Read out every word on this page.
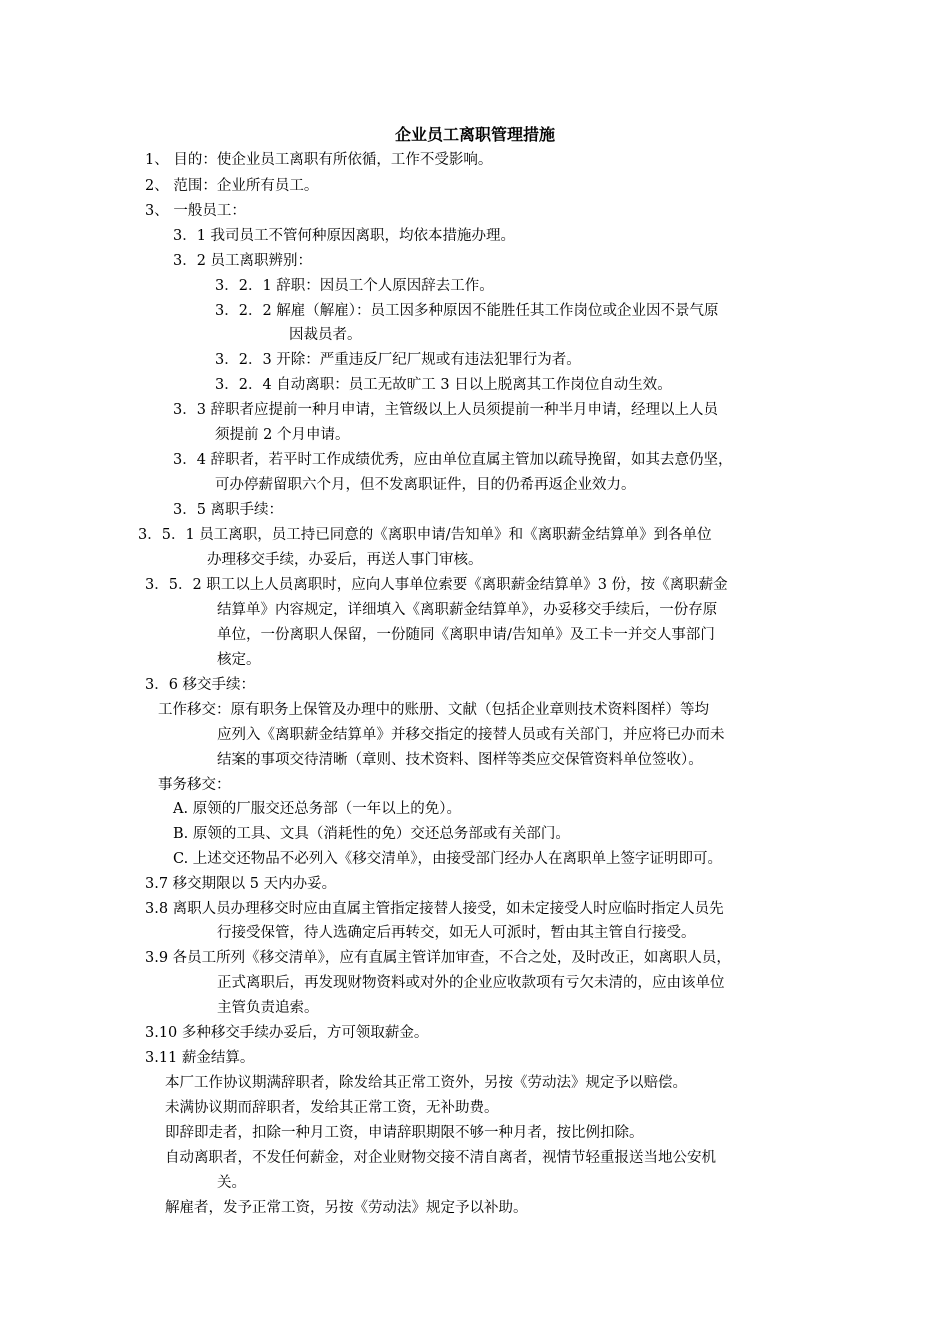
企业员工离职管理措施

1、 目的：使企业员工离职有所依循，工作不受影响。

2、 范围：企业所有员工。

3、 一般员工：

3．1 我司员工不管何种原因离职，均依本措施办理。

3．2 员工离职辨别：

3．2．1 辞职：因员工个人原因辞去工作。

3．2．2 解雇（解雇）：员工因多种原因不能胜任其工作岗位或企业因不景气原

因裁员者。

3．2．3 开除：严重违反厂纪厂规或有违法犯罪行为者。

3．2．4 自动离职：员工无故旷工 3 日以上脱离其工作岗位自动生效。

3．3 辞职者应提前一种月申请，主管级以上人员须提前一种半月申请，经理以上人员

须提前 2 个月申请。

3．4 辞职者，若平时工作成绩优秀，应由单位直属主管加以疏导挽留，如其去意仍坚，

可办停薪留职六个月，但不发离职证件，目的仍希再返企业效力。

3．5 离职手续：

3．5．1 员工离职，员工持已同意的《离职申请/告知单》和《离职薪金结算单》到各单位

办理移交手续，办妥后，再送人事门审核。

3．5．2 职工以上人员离职时，应向人事单位索要《离职薪金结算单》3 份，按《离职薪金

结算单》内容规定，详细填入《离职薪金结算单》，办妥移交手续后，一份存原

单位，一份离职人保留，一份随同《离职申请/告知单》及工卡一并交人事部门

核定。

3．6 移交手续：

工作移交：原有职务上保管及办理中的账册、文献（包括企业章则技术资料图样）等均

应列入《离职薪金结算单》并移交指定的接替人员或有关部门，并应将已办而未

结案的事项交待清晰（章则、技术资料、图样等类应交保管资料单位签收）。

事务移交：

A. 原领的厂服交还总务部（一年以上的免）。

B. 原领的工具、文具（消耗性的免）交还总务部或有关部门。

C. 上述交还物品不必列入《移交清单》，由接受部门经办人在离职单上签字证明即可。

3.7 移交期限以 5 天内办妥。

3.8 离职人员办理移交时应由直属主管指定接替人接受，如未定接受人时应临时指定人员先

行接受保管，待人选确定后再转交，如无人可派时，暂由其主管自行接受。

3.9 各员工所列《移交清单》，应有直属主管详加审查，不合之处，及时改正，如离职人员，

正式离职后，再发现财物资料或对外的企业应收款项有亏欠未清的，应由该单位

主管负责追索。

3.10 多种移交手续办妥后，方可领取薪金。

3.11 薪金结算。

本厂工作协议期满辞职者，除发给其正常工资外，另按《劳动法》规定予以赔偿。

未满协议期而辞职者，发给其正常工资，无补助费。

即辞即走者，扣除一种月工资，申请辞职期限不够一种月者，按比例扣除。

自动离职者，不发任何薪金，对企业财物交接不清自离者，视情节轻重报送当地公安机

关。

解雇者，发予正常工资，另按《劳动法》规定予以补助。
